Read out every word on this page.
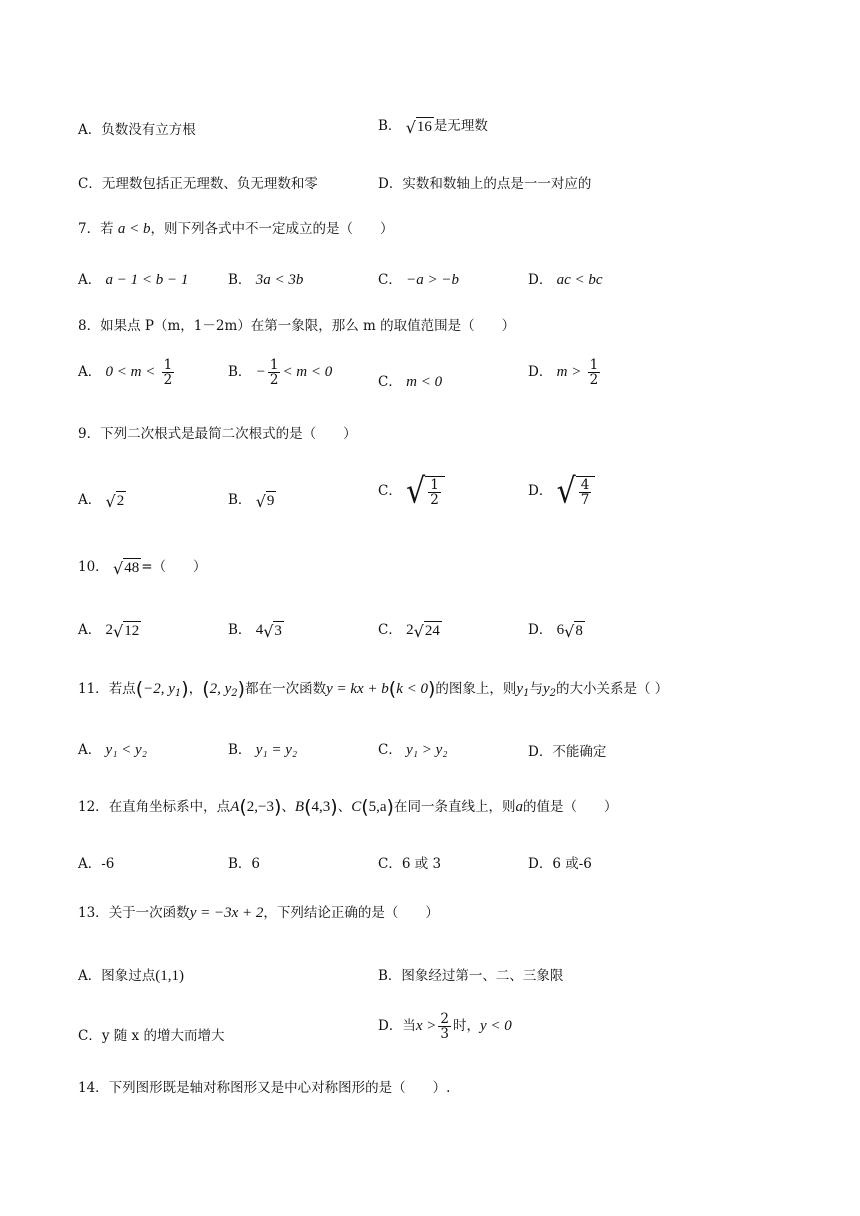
A．负数没有立方根	B． √ 16 是无理数
C．无理数包括正无理数、负无理数和零	D．实数和数轴上的点是一一对应的
7．若 a < b，则下列各式中不一定成立的是（　　）
A． a − 1 < b − 1	B． 3a < 3b	C． −a > −b	D． ac < bc
8．如果点 P（m，1－2m）在第一象限，那么 m 的取值范围是（　　）
A． $0 < m < \frac{1}{2}$	B． − $\frac{1}{2} < m < 0$
C． m < 0
D． $m > \frac{1}{2}$
9．下列二次根式是最简二次根式的是（　　）
A． √ 2	B． √ 9
C． √ $\frac{1}{2}$	D． √ $\frac{4}{7}$
10． √ 48 =（　　）
A． 2 √ 12	B． 4 √ 3	C． 2 √ 24	D． 6 √ 8
11．若点(−2, $y_1$)，(2, $y_2$)都在一次函数y = kx + b(k < 0)的图象上，则$y_1$与$y_2$的大小关系是（ ）
A． y₁ < y₂	B． y₁ = y₂	C． y₁ > y₂	D．不能确定
12．在直角坐标系中，点A(2,−3)、B(4,3)、C(5,a)在同一条直线上，则a的值是（　　）
A．-6	B．6	C．6 或 3	D．6 或-6
13．关于一次函数y = −3x + 2，下列结论正确的是（　　）
A．图象过点(1,1)	B．图象经过第一、二、三象限
C．y 随 x 的增大而增大
D．当$x > \frac{2}{3}$ 时，y < 0
14．下列图形既是轴对称图形又是中心对称图形的是（　　）.
